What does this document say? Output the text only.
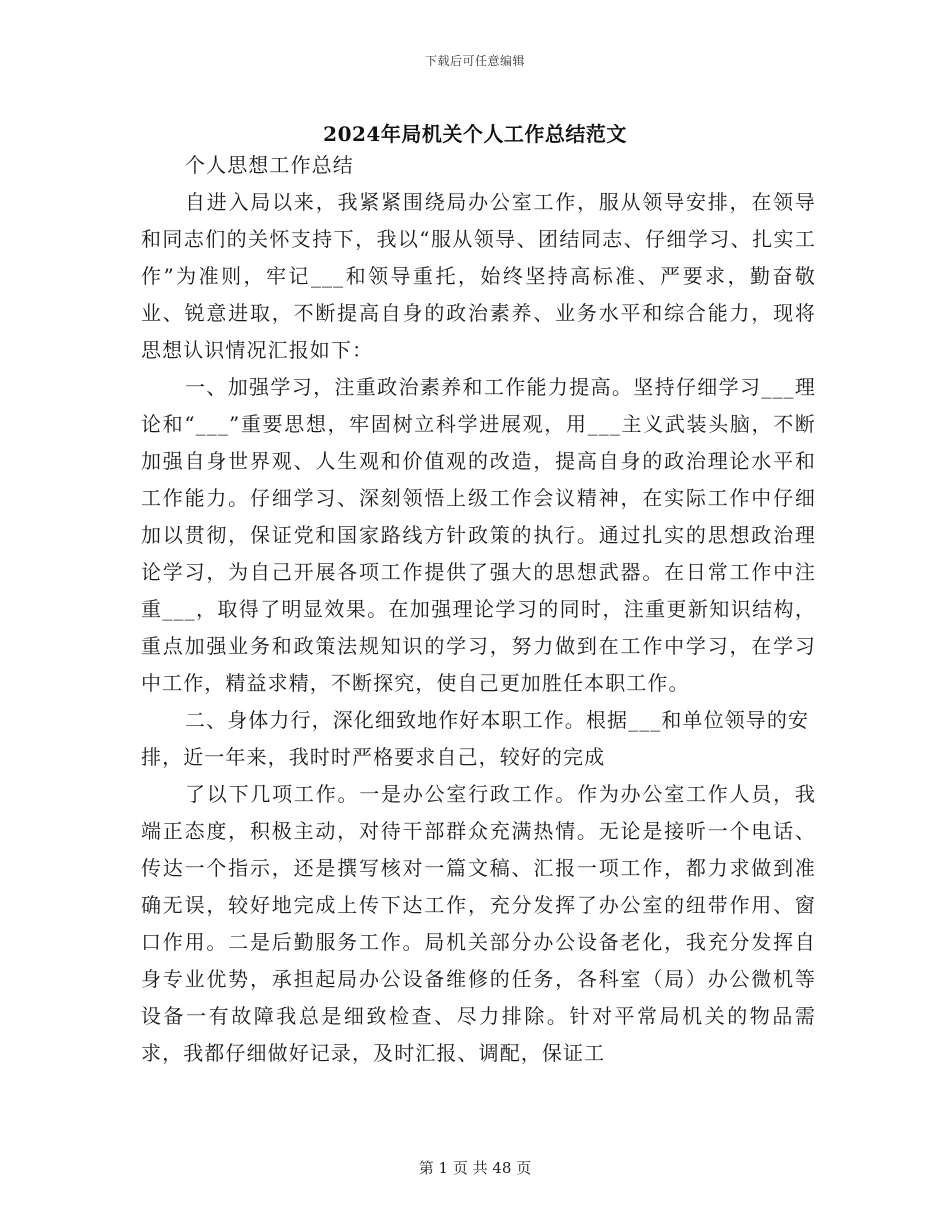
下载后可任意编辑
2024年局机关个人工作总结范文

个人思想工作总结

自进入局以来，我紧紧围绕局办公室工作，服从领导安排，在领导和同志们的关怀支持下，我以“服从领导、团结同志、仔细学习、扎实工作”为准则，牢记___和领导重托，始终坚持高标准、严要求，勤奋敬业、锐意进取，不断提高自身的政治素养、业务水平和综合能力，现将思想认识情况汇报如下：

一、加强学习，注重政治素养和工作能力提高。坚持仔细学习___理论和“___”重要思想，牢固树立科学进展观，用___主义武装头脑，不断加强自身世界观、人生观和价值观的改造，提高自身的政治理论水平和工作能力。仔细学习、深刻领悟上级工作会议精神，在实际工作中仔细加以贯彻，保证党和国家路线方针政策的执行。通过扎实的思想政治理论学习，为自己开展各项工作提供了强大的思想武器。在日常工作中注重___，取得了明显效果。在加强理论学习的同时，注重更新知识结构，重点加强业务和政策法规知识的学习，努力做到在工作中学习，在学习中工作，精益求精，不断探究，使自己更加胜任本职工作。

二、身体力行，深化细致地作好本职工作。根据___和单位领导的安排，近一年来，我时时严格要求自己，较好的完成

了以下几项工作。一是办公室行政工作。作为办公室工作人员，我端正态度，积极主动，对待干部群众充满热情。无论是接听一个电话、传达一个指示，还是撰写核对一篇文稿、汇报一项工作，都力求做到准确无误，较好地完成上传下达工作，充分发挥了办公室的纽带作用、窗口作用。二是后勤服务工作。局机关部分办公设备老化，我充分发挥自身专业优势，承担起局办公设备维修的任务，各科室（局）办公微机等设备一有故障我总是细致检查、尽力排除。针对平常局机关的物品需求，我都仔细做好记录，及时汇报、调配，保证工

第 1 页 共 48 页
